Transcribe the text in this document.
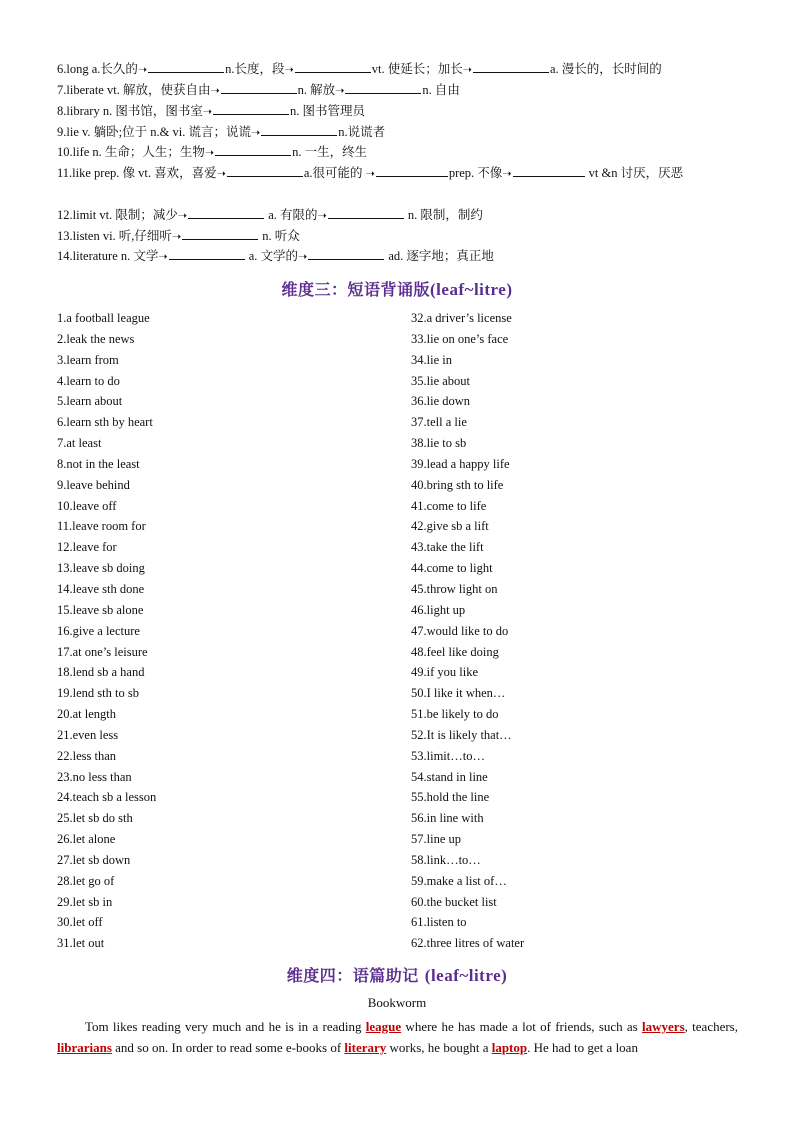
6.long a.长久的➝	n.长度，段➝	vt. 使延长；加长➝	a. 漫长的，长时间的
7.liberate vt. 解放，使获自由➝	n. 解放➝	n. 自由
8.library n. 图书馆，图书室➝	n. 图书管理员
9.lie v. 躺卧;位于 n.& vi. 谎言；说谎➝	n.说谎者
10.life n. 生命；人生；生物➝	n. 一生，终生
11.like prep. 像 vt. 喜欢，喜爱➝	a.很可能的 ➝	prep. 不像➝	vt &n 讨厌，厌恶
12.limit vt. 限制；减少➝	a. 有限的➝	n. 限制，制约
13.listen vi. 听,仔细听➝	n. 听众
14.literature n. 文学➝	a. 文学的➝	ad. 逐字地；真正地
维度三：短语背诵版(leaf~litre)
1.a football league
2.leak the news
3.learn from
4.learn to do
5.learn about
6.learn sth by heart
7.at least
8.not in the least
9.leave behind
10.leave off
11.leave room for
12.leave for
13.leave sb doing
14.leave sth done
15.leave sb alone
16.give a lecture
17.at one’s leisure
18.lend sb a hand
19.lend sth to sb
20.at length
21.even less
22.less than
23.no less than
24.teach sb a lesson
25.let sb do sth
26.let alone
27.let sb down
28.let go of
29.let sb in
30.let off
31.let out
32.a driver’s license
33.lie on one’s face
34.lie in
35.lie about
36.lie down
37.tell a lie
38.lie to sb
39.lead a happy life
40.bring sth to life
41.come to life
42.give sb a lift
43.take the lift
44.come to light
45.throw light on
46.light up
47.would like to do
48.feel like doing
49.if you like
50.I like it when…
51.be likely to do
52.It is likely that…
53.limit…to…
54.stand in line
55.hold the line
56.in line with
57.line up
58.link…to…
59.make a list of…
60.the bucket list
61.listen to
62.three litres of water
维度四：语篇助记 (leaf~litre)
Bookworm
Tom likes reading very much and he is in a reading league where he has made a lot of friends, such as lawyers, teachers, librarians and so on. In order to read some e-books of literary works, he bought a laptop. He had to get a loan
